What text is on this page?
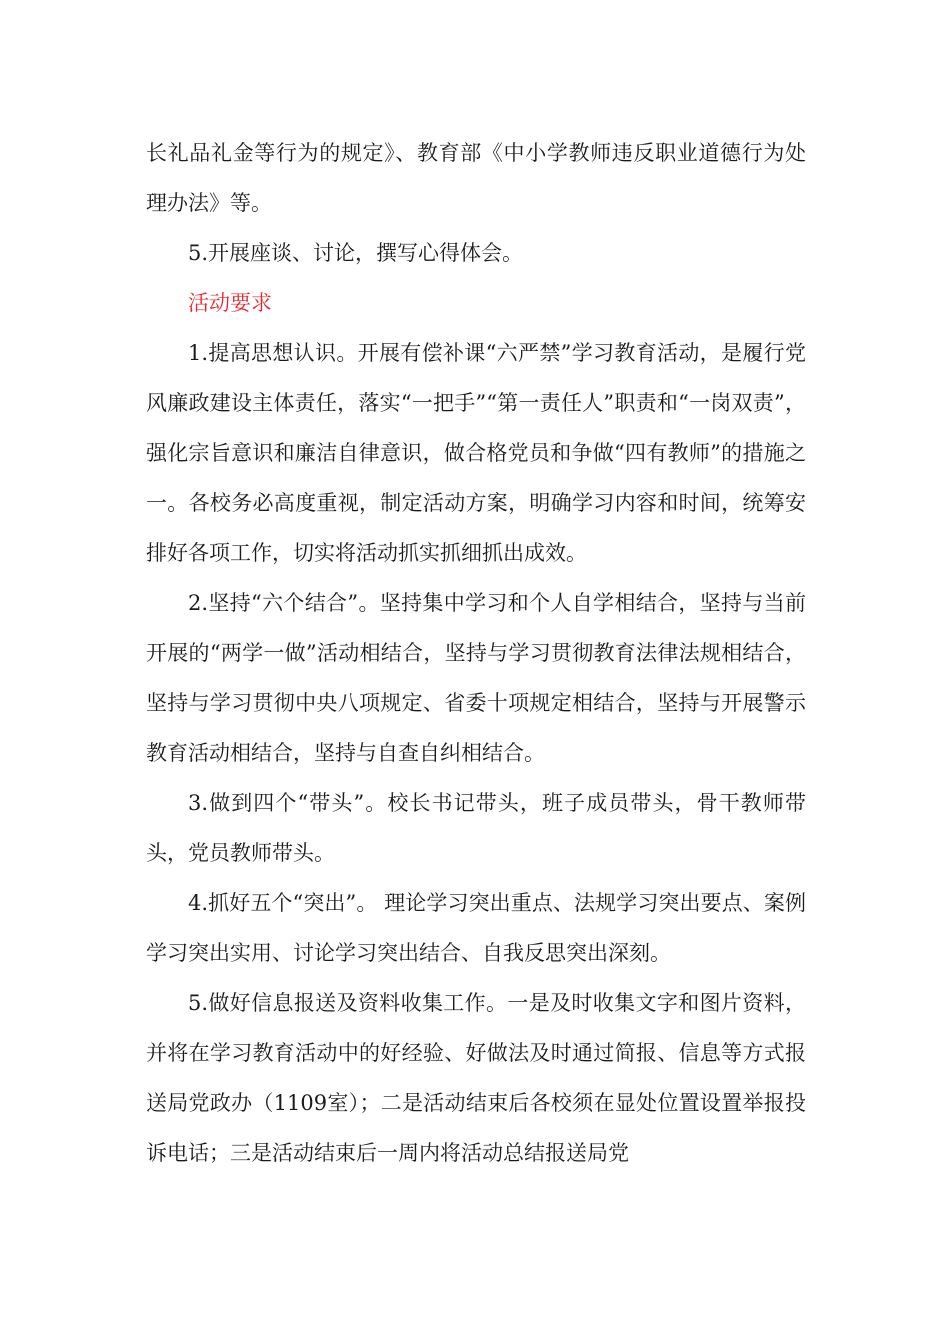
长礼品礼金等行为的规定》、教育部《中小学教师违反职业道德行为处理办法》等。

5.开展座谈、讨论，撰写心得体会。

活动要求

1.提高思想认识。开展有偿补课“六严禁”学习教育活动，是履行党风廉政建设主体责任，落实“一把手”“第一责任人”职责和“一岗双责”，强化宗旨意识和廉洁自律意识，做合格党员和争做“四有教师”的措施之一。各校务必高度重视，制定活动方案，明确学习内容和时间，统筹安排好各项工作，切实将活动抓实抓细抓出成效。

2.坚持“六个结合”。坚持集中学习和个人自学相结合，坚持与当前开展的“两学一做”活动相结合，坚持与学习贯彻教育法律法规相结合，坚持与学习贯彻中央八项规定、省委十项规定相结合，坚持与开展警示教育活动相结合，坚持与自查自纠相结合。

3.做到四个“带头”。校长书记带头，班子成员带头，骨干教师带头，党员教师带头。

4.抓好五个“突出”。 理论学习突出重点、法规学习突出要点、案例学习突出实用、讨论学习突出结合、自我反思突出深刻。

5.做好信息报送及资料收集工作。一是及时收集文字和图片资料，并将在学习教育活动中的好经验、好做法及时通过简报、信息等方式报送局党政办（1109室）；二是活动结束后各校须在显处位置设置举报投诉电话；三是活动结束后一周内将活动总结报送局党
